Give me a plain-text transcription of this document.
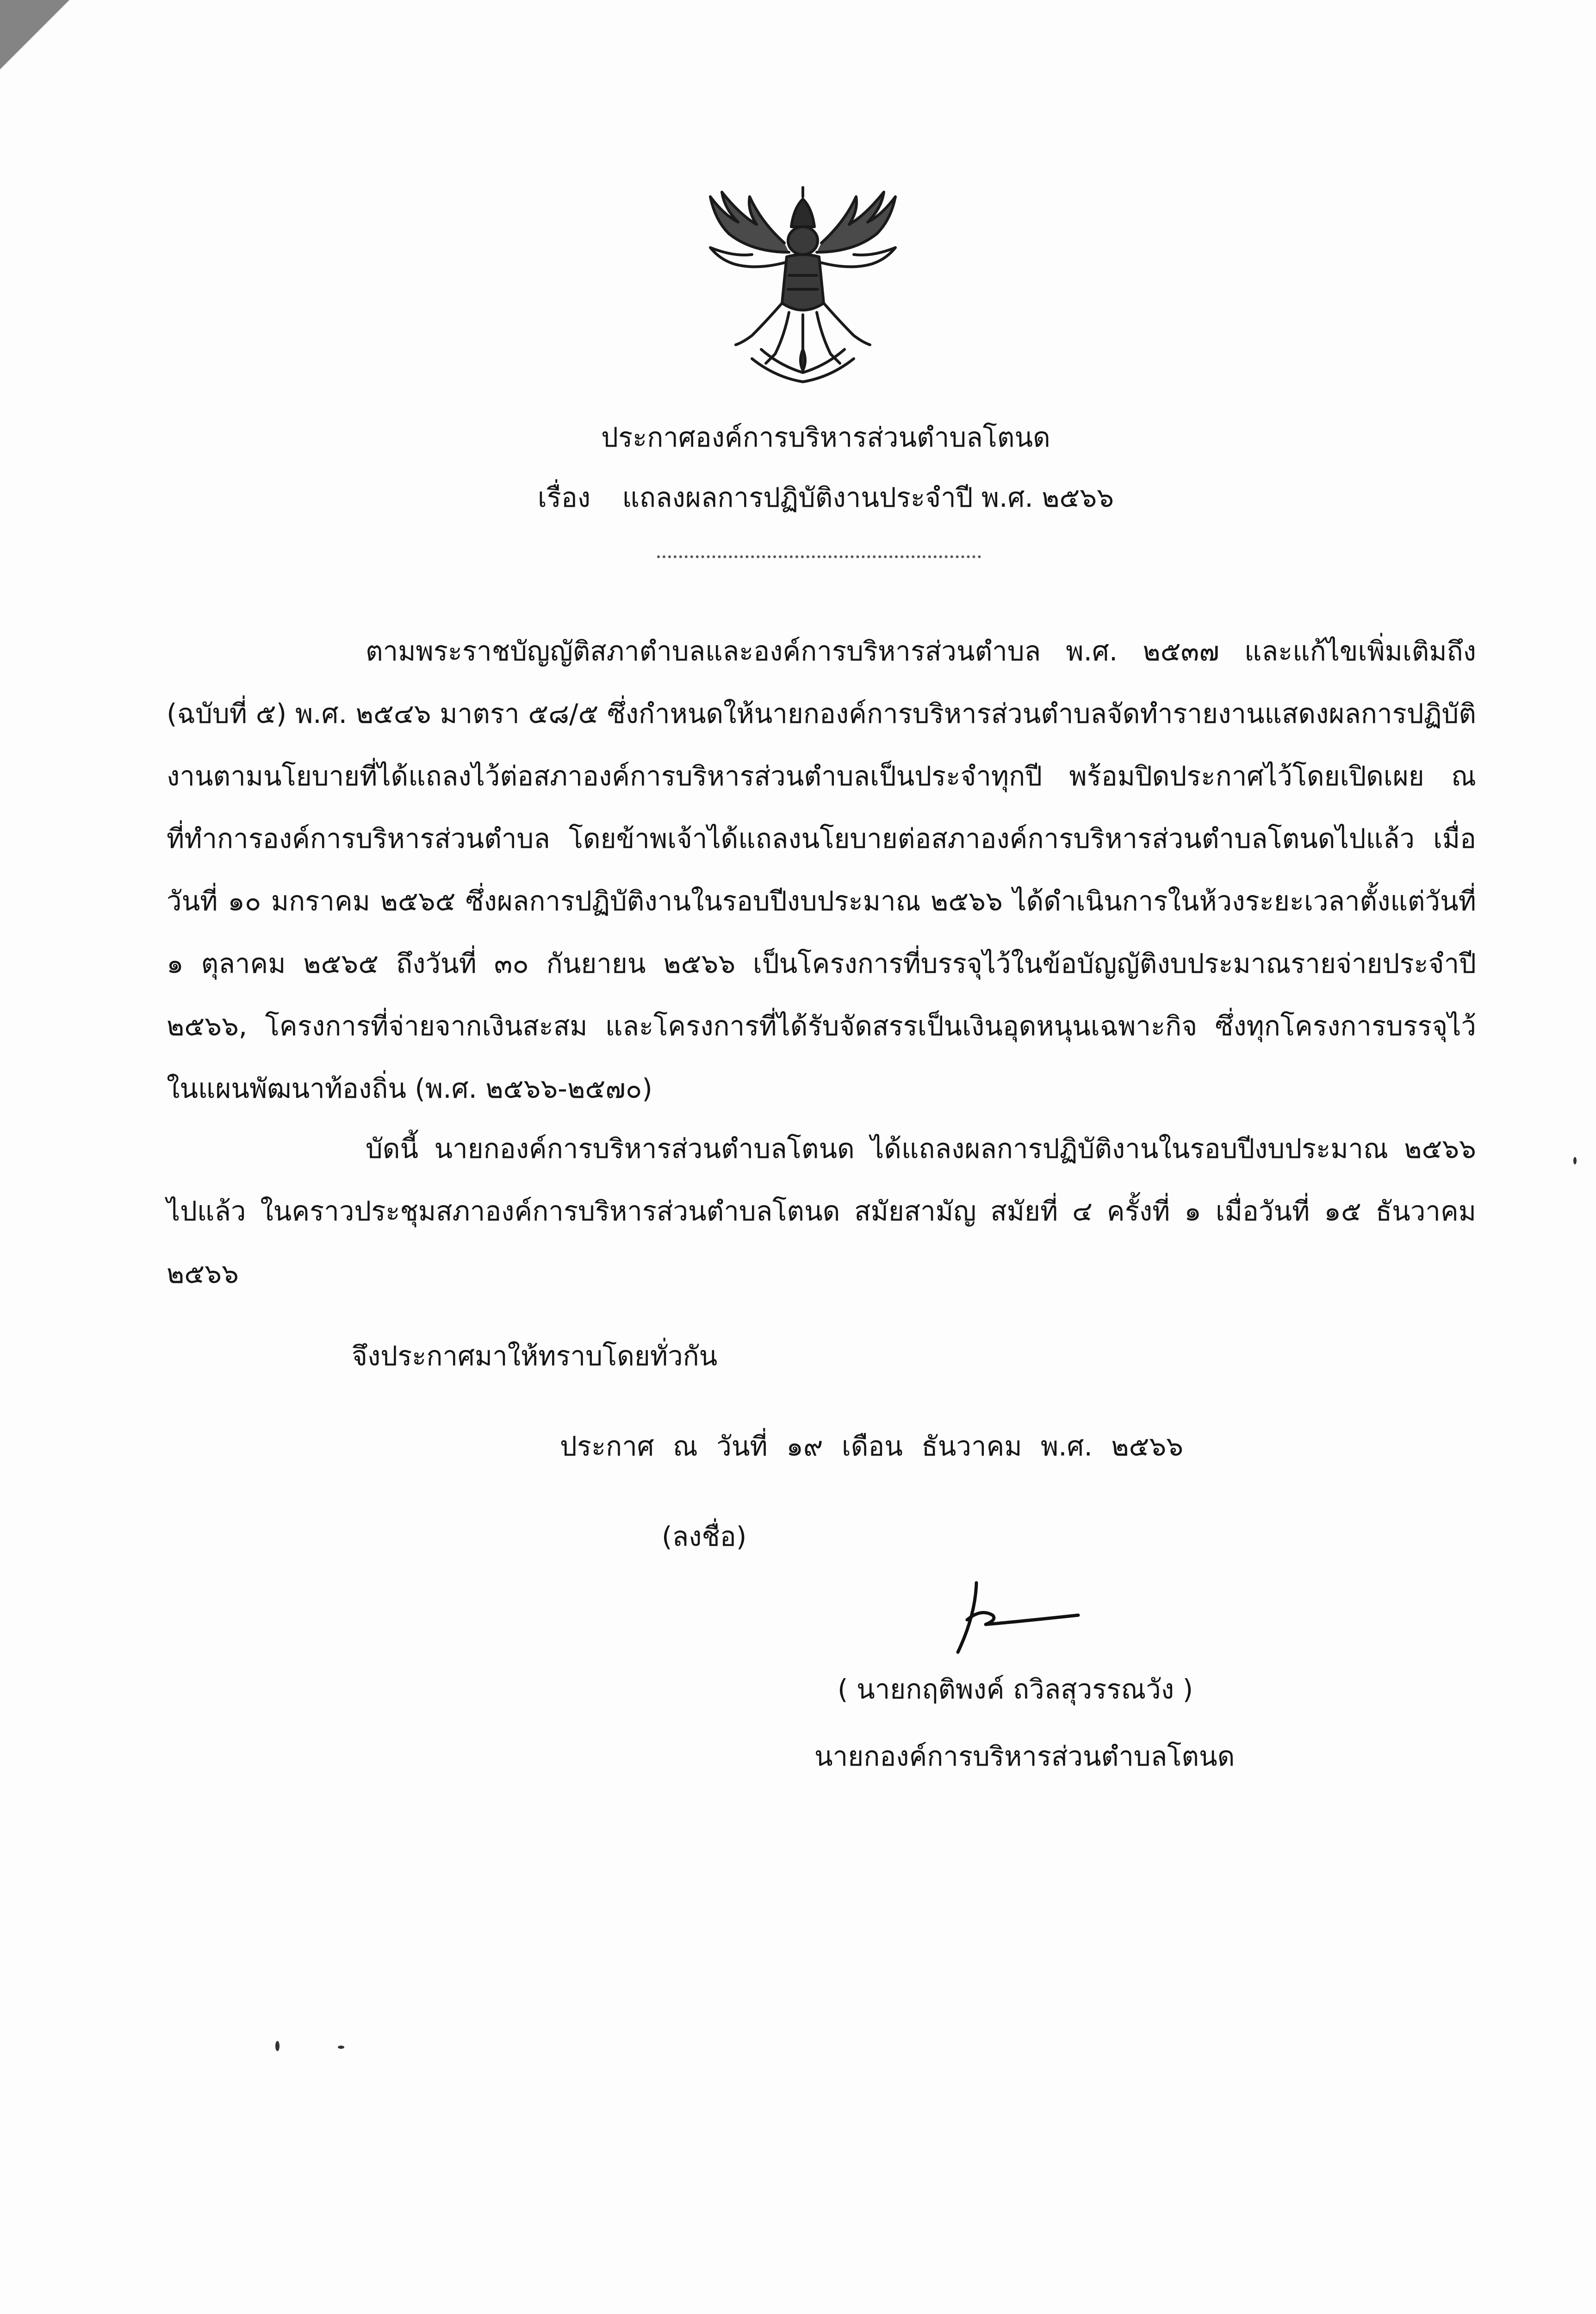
ประกาศองค์การบริหารส่วนตำบลโตนด
เรื่อง แถลงผลการปฏิบัติงานประจำปี พ.ศ. ๒๕๖๖

ตามพระราชบัญญัติสภาตำบลและองค์การบริหารส่วนตำบล พ.ศ. ๒๕๓๗ และแก้ไขเพิ่มเติมถึง (ฉบับที่ ๕) พ.ศ. ๒๕๔๖ มาตรา ๕๘/๕ ซึ่งกำหนดให้นายกองค์การบริหารส่วนตำบลจัดทำรายงานแสดงผลการปฏิบัติงานตามนโยบายที่ได้แถลงไว้ต่อสภาองค์การบริหารส่วนตำบลเป็นประจำทุกปี พร้อมปิดประกาศไว้โดยเปิดเผย ณ ที่ทำการองค์การบริหารส่วนตำบล โดยข้าพเจ้าได้แถลงนโยบายต่อสภาองค์การบริหารส่วนตำบลโตนดไปแล้ว เมื่อวันที่ ๑๐ มกราคม ๒๕๖๕ ซึ่งผลการปฏิบัติงานในรอบปีงบประมาณ ๒๕๖๖ ได้ดำเนินการในห้วงระยะเวลาตั้งแต่วันที่ ๑ ตุลาคม ๒๕๖๕ ถึงวันที่ ๓๐ กันยายน ๒๕๖๖ เป็นโครงการที่บรรจุไว้ในข้อบัญญัติงบประมาณรายจ่ายประจำปี ๒๕๖๖, โครงการที่จ่ายจากเงินสะสม และโครงการที่ได้รับจัดสรรเป็นเงินอุดหนุนเฉพาะกิจ ซึ่งทุกโครงการบรรจุไว้ในแผนพัฒนาท้องถิ่น (พ.ศ. ๒๕๖๖-๒๕๗๐)

บัดนี้ นายกองค์การบริหารส่วนตำบลโตนด ได้แถลงผลการปฏิบัติงานในรอบปีงบประมาณ ๒๕๖๖ ไปแล้ว ในคราวประชุมสภาองค์การบริหารส่วนตำบลโตนด สมัยสามัญ สมัยที่ ๔ ครั้งที่ ๑ เมื่อวันที่ ๑๕ ธันวาคม ๒๕๖๖

จึงประกาศมาให้ทราบโดยทั่วกัน
ประกาศ ณ วันที่ ๑๙ เดือน ธันวาคม พ.ศ. ๒๕๖๖
(ลงชื่อ)
( นายกฤติพงค์ ถวิลสุวรรณวัง )
นายกองค์การบริหารส่วนตำบลโตนด
